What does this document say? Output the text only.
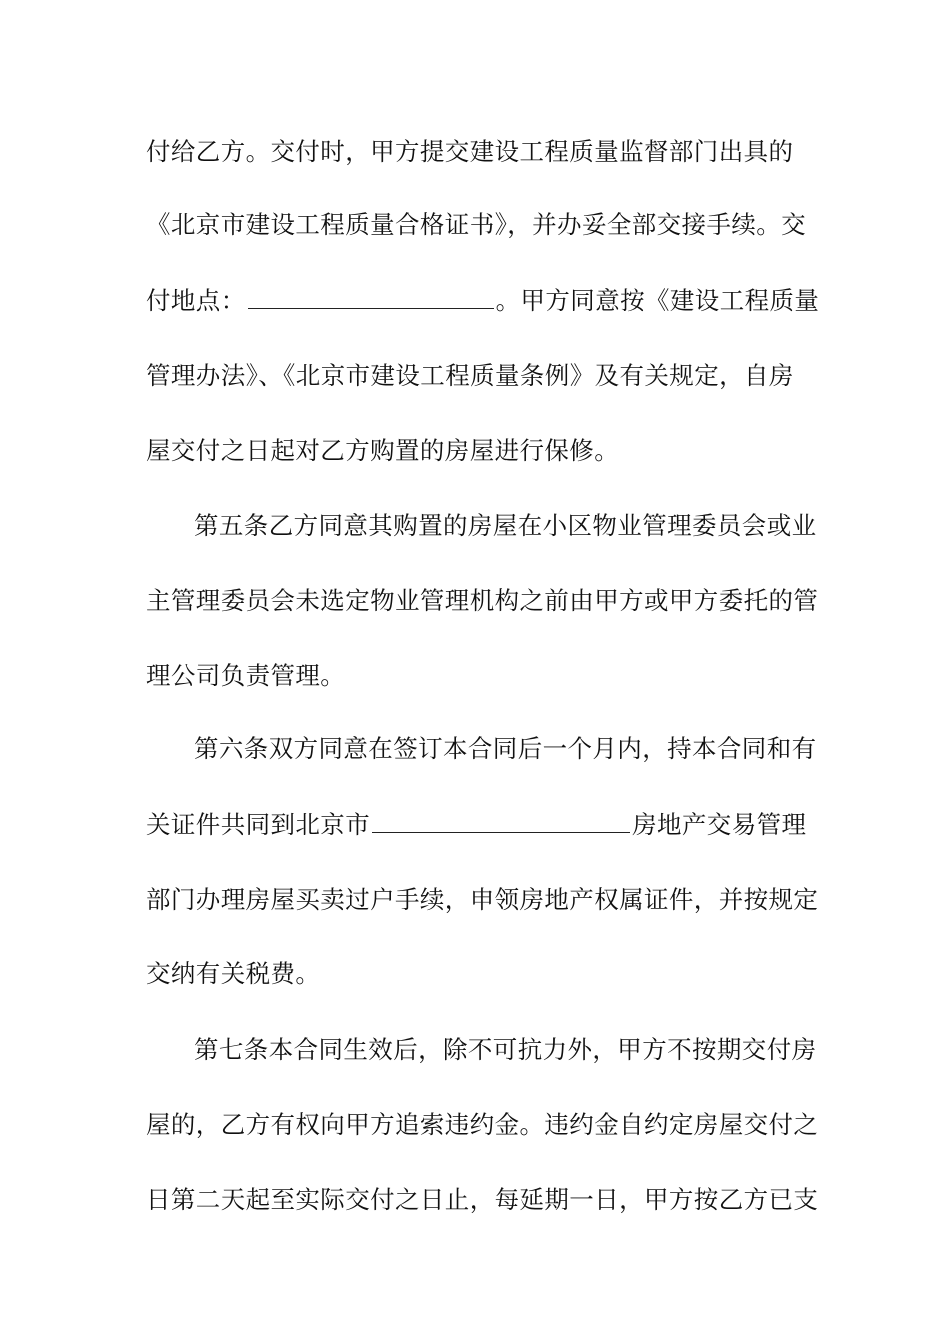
付给乙方。交付时，甲方提交建设工程质量监督部门出具的
《北京市建设工程质量合格证书》，并办妥全部交接手续。交
付地点：	。甲方同意按《建设工程质量
管理办法》、《北京市建设工程质量条例》及有关规定，自房
屋交付之日起对乙方购置的房屋进行保修。
第五条乙方同意其购置的房屋在小区物业管理委员会或业
主管理委员会未选定物业管理机构之前由甲方或甲方委托的管
理公司负责管理。
第六条双方同意在签订本合同后一个月内，持本合同和有
关证件共同到北京市	房地产交易管理
部门办理房屋买卖过户手续，申领房地产权属证件，并按规定
交纳有关税费。
第七条本合同生效后，除不可抗力外，甲方不按期交付房
屋的，乙方有权向甲方追索违约金。违约金自约定房屋交付之
日第二天起至实际交付之日止，每延期一日，甲方按乙方已支
